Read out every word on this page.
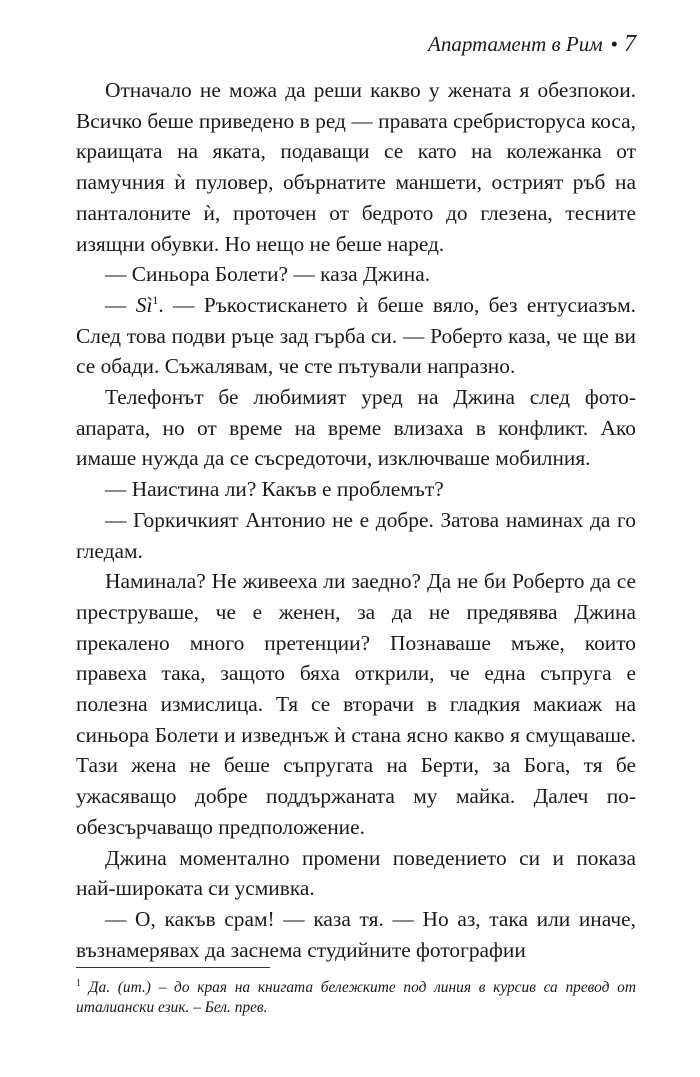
Апартамент в Рим • 7

Отначало не можа да реши какво у жената я обезпокои. Всичко беше приведено в ред — правата сребристоруса коса, краищата на яката, подаващи се като на колежанка от памучния ѝ пуловер, обърнатите маншети, острият ръб на панталоните ѝ, проточен от бедрото до глезена, тесните изящни обувки. Но нещо не беше наред.

— Синьора Болети? — каза Джина.

— $Sì^1$. — Ръкостискането ѝ беше вяло, без ентусиазъм. След това подви ръце зад гърба си. — Роберто каза, че ще ви се обади. Съжалявам, че сте пътували напразно.

Телефонът бе любимият уред на Джина след фотоапарата, но от време на време влизаха в конфликт. Ако имаше нужда да се съсредоточи, изключваше мобилния.

— Наистина ли? Какъв е проблемът?

— Горкичкият Антонио не е добре. Затова наминах да го гледам.

Наминала? Не живееха ли заедно? Да не би Роберто да се преструваше, че е женен, за да не предявява Джина прекалено много претенции? Познаваше мъже, които правеха така, защото бяха открили, че една съпруга е полезна измислица. Тя се вторачи в гладкия макиаж на синьора Болети и изведнъж ѝ стана ясно какво я смущаваше. Тази жена не беше съпругата на Берти, за Бога, тя бе ужасяващо добре поддържаната му майка. Далеч по-обезсърчаващо предположение.

Джина моментално промени поведението си и показа най-широката си усмивка.

— О, какъв срам! — каза тя. — Но аз, така или иначе, възнамерявах да заснема студийните фотографии

$^1$ Да. (ит.) – до края на книгата бележките под линия в курсив са превод от италиански език. – Бел. прев.
